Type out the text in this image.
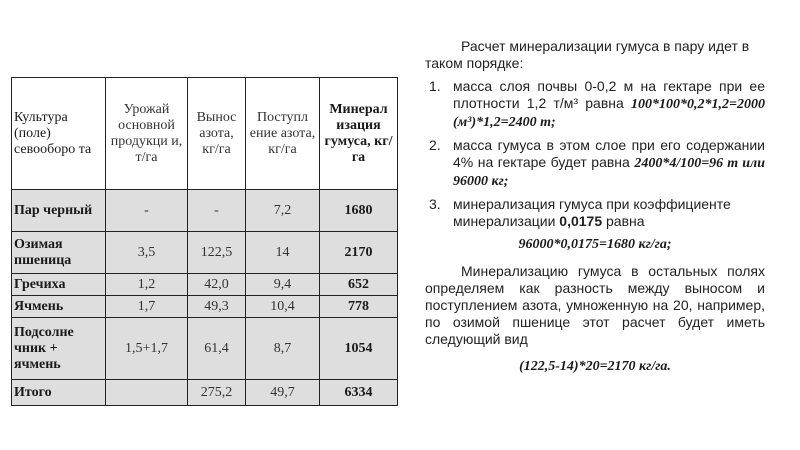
Культура (поле) севооборо та	Урожай основной продукци и, т/га	Вынос азота, кг/га	Поступл ение азота, кг/га	Минерал изация гумуса, кг/га
Пар черный	-	-	7,2	1680
Озимая пшеница	3,5	122,5	14	2170
Гречиха	1,2	42,0	9,4	652
Ячмень	1,7	49,3	10,4	778
Подсолне чник + ячмень	1,5+1,7	61,4	8,7	1054
Итого		275,2	49,7	6334

Расчет минерализации гумуса в пару идет в таком порядке:

1. масса слоя почвы 0-0,2 м на гектаре при ее плотности 1,2 т/м³ равна 100*100*0,2*1,2=2000 (м³)*1,2=2400 т;
2. масса гумуса в этом слое при его содержании 4% на гектаре будет равна 2400*4/100=96 т или 96000 кг;
3. минерализация гумуса при коэффициенте минерализации 0,0175 равна

96000*0,0175=1680 кг/га;

Минерализацию гумуса в остальных полях определяем как разность между выносом и поступлением азота, умноженную на 20, например, по озимой пшенице этот расчет будет иметь следующий вид

(122,5-14)*20=2170 кг/га.
